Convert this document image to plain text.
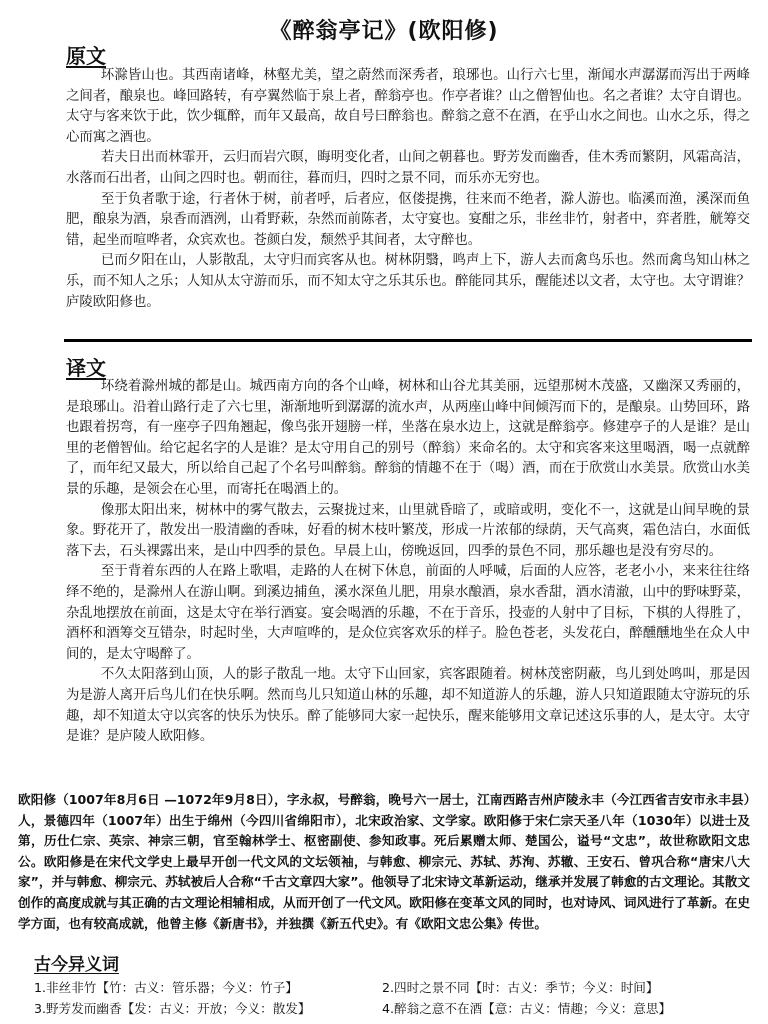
《醉翁亭记》(欧阳修)
原文

环滁皆山也。其西南诸峰，林壑尤美，望之蔚然而深秀者，琅琊也。山行六七里，渐闻水声潺潺而泻出于两峰之间者，酿泉也。峰回路转，有亭翼然临于泉上者，醉翁亭也。作亭者谁？山之僧智仙也。名之者谁？太守自谓也。太守与客来饮于此，饮少辄醉，而年又最高，故自号曰醉翁也。醉翁之意不在酒，在乎山水之间也。山水之乐，得之心而寓之酒也。

若夫日出而林霏开，云归而岩穴暝，晦明变化者，山间之朝暮也。野芳发而幽香，佳木秀而繁阴，风霜高洁，水落而石出者，山间之四时也。朝而往，暮而归，四时之景不同，而乐亦无穷也。

至于负者歌于途，行者休于树，前者呼，后者应，伛偻提携，往来而不绝者，滁人游也。临溪而渔，溪深而鱼肥，酿泉为酒，泉香而酒洌，山肴野蔌，杂然而前陈者，太守宴也。宴酣之乐，非丝非竹，射者中，弈者胜，觥筹交错，起坐而喧哗者，众宾欢也。苍颜白发，颓然乎其间者，太守醉也。

已而夕阳在山，人影散乱，太守归而宾客从也。树林阴翳，鸣声上下，游人去而禽鸟乐也。然而禽鸟知山林之乐，而不知人之乐；人知从太守游而乐，而不知太守之乐其乐也。醉能同其乐，醒能述以文者，太守也。太守谓谁？庐陵欧阳修也。

译文

环绕着滁州城的都是山。城西南方向的各个山峰，树林和山谷尤其美丽，远望那树木茂盛，又幽深又秀丽的，是琅琊山。沿着山路行走了六七里，渐渐地听到潺潺的流水声，从两座山峰中间倾泻而下的，是酿泉。山势回环，路也跟着拐弯，有一座亭子四角翘起，像鸟张开翅膀一样，坐落在泉水边上，这就是醉翁亭。修建亭子的人是谁？是山里的老僧智仙。给它起名字的人是谁？是太守用自己的别号（醉翁）来命名的。太守和宾客来这里喝酒，喝一点就醉了，而年纪又最大，所以给自己起了个名号叫醉翁。醉翁的情趣不在于（喝）酒，而在于欣赏山水美景。欣赏山水美景的乐趣，是领会在心里，而寄托在喝酒上的。

像那太阳出来，树林中的雾气散去，云聚拢过来，山里就昏暗了，或暗或明，变化不一，这就是山间早晚的景象。野花开了，散发出一股清幽的香味，好看的树木枝叶繁茂，形成一片浓郁的绿荫，天气高爽，霜色洁白，水面低落下去，石头裸露出来，是山中四季的景色。早晨上山，傍晚返回，四季的景色不同，那乐趣也是没有穷尽的。

至于背着东西的人在路上歌唱，走路的人在树下休息，前面的人呼喊，后面的人应答，老老小小，来来往往络绎不绝的，是滁州人在游山啊。到溪边捕鱼，溪水深鱼儿肥，用泉水酿酒，泉水香甜，酒水清澈，山中的野味野菜，杂乱地摆放在前面，这是太守在举行酒宴。宴会喝酒的乐趣，不在于音乐，投壶的人射中了目标，下棋的人得胜了，酒杯和酒筹交互错杂，时起时坐，大声喧哗的，是众位宾客欢乐的样子。脸色苍老，头发花白，醉醺醺地坐在众人中间的，是太守喝醉了。

不久太阳落到山顶，人的影子散乱一地。太守下山回家，宾客跟随着。树林茂密阴蔽，鸟儿到处鸣叫，那是因为是游人离开后鸟儿们在快乐啊。然而鸟儿只知道山林的乐趣，却不知道游人的乐趣，游人只知道跟随太守游玩的乐趣，却不知道太守以宾客的快乐为快乐。醉了能够同大家一起快乐，醒来能够用文章记述这乐事的人，是太守。太守是谁？是庐陵人欧阳修。

欧阳修（1007年8月6日 —1072年9月8日），字永叔，号醉翁，晚号六一居士，江南西路吉州庐陵永丰（今江西省吉安市永丰县）人，景德四年（1007年）出生于绵州（今四川省绵阳市），北宋政治家、文学家。欧阳修于宋仁宗天圣八年（1030年）以进士及第，历仕仁宗、英宗、神宗三朝，官至翰林学士、枢密副使、参知政事。死后累赠太师、楚国公，谥号“文忠”，故世称欧阳文忠公。欧阳修是在宋代文学史上最早开创一代文风的文坛领袖，与韩愈、柳宗元、苏轼、苏洵、苏辙、王安石、曾巩合称“唐宋八大家”，并与韩愈、柳宗元、苏轼被后人合称“千古文章四大家”。他领导了北宋诗文革新运动，继承并发展了韩愈的古文理论。其散文创作的高度成就与其正确的古文理论相辅相成，从而开创了一代文风。欧阳修在变革文风的同时，也对诗风、词风进行了革新。在史学方面，也有较高成就，他曾主修《新唐书》，并独撰《新五代史》。有《欧阳文忠公集》传世。
古今异义词
1.非丝非竹【竹：古义：管乐器；今义：竹子】	2.四时之景不同【时：古义：季节；今义：时间】
3.野芳发而幽香【发：古义：开放；今义：散发】	4.醉翁之意不在酒【意：古义：情趣；今义：意思】
